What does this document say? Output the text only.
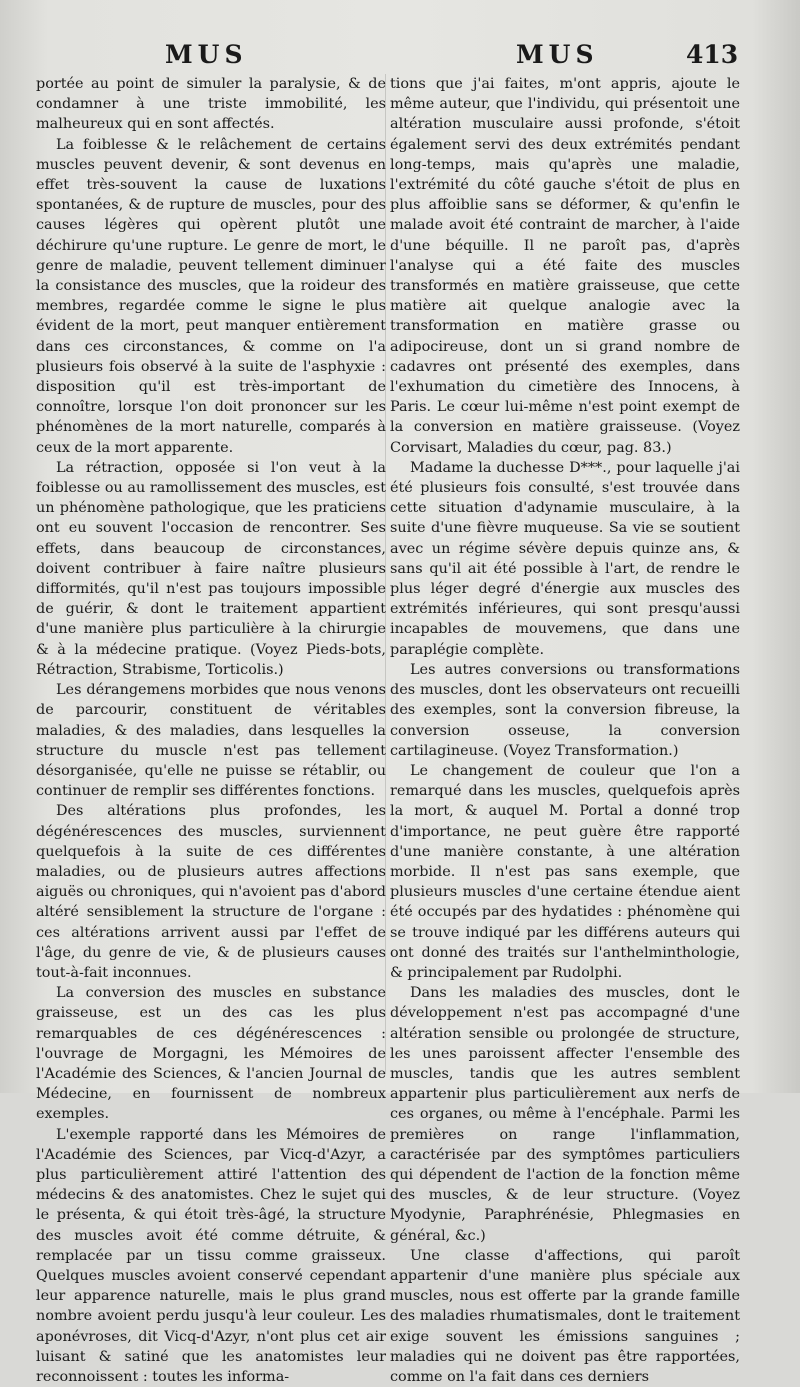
MUS	MUS	413

portée au point de simuler la paralysie, & de condamner à une triste immobilité, les malheureux qui en sont affectés.

La foiblesse & le relâchement de certains muscles peuvent devenir, & sont devenus en effet très-souvent la cause de luxations spontanées, & de rupture de muscles, pour des causes légères qui opèrent plutôt une déchirure qu'une rupture. Le genre de mort, le genre de maladie, peuvent tellement diminuer la consistance des muscles, que la roideur des membres, regardée comme le signe le plus évident de la mort, peut manquer entièrement dans ces circonstances, & comme on l'a plusieurs fois observé à la suite de l'asphyxie : disposition qu'il est très-important de connoître, lorsque l'on doit prononcer sur les phénomènes de la mort naturelle, comparés à ceux de la mort apparente.

La rétraction, opposée si l'on veut à la foiblesse ou au ramollissement des muscles, est un phénomène pathologique, que les praticiens ont eu souvent l'occasion de rencontrer. Ses effets, dans beaucoup de circonstances, doivent contribuer à faire naître plusieurs difformités, qu'il n'est pas toujours impossible de guérir, & dont le traitement appartient d'une manière plus particulière à la chirurgie & à la médecine pratique. (Voyez Pieds-bots, Rétraction, Strabisme, Torticolis.)

Les dérangemens morbides que nous venons de parcourir, constituent de véritables maladies, & des maladies, dans lesquelles la structure du muscle n'est pas tellement désorganisée, qu'elle ne puisse se rétablir, ou continuer de remplir ses différentes fonctions.

Des altérations plus profondes, les dégénérescences des muscles, surviennent quelquefois à la suite de ces différentes maladies, ou de plusieurs autres affections aiguës ou chroniques, qui n'avoient pas d'abord altéré sensiblement la structure de l'organe : ces altérations arrivent aussi par l'effet de l'âge, du genre de vie, & de plusieurs causes tout-à-fait inconnues.

La conversion des muscles en substance graisseuse, est un des cas les plus remarquables de ces dégénérescences : l'ouvrage de Morgagni, les Mémoires de l'Académie des Sciences, & l'ancien Journal de Médecine, en fournissent de nombreux exemples.

L'exemple rapporté dans les Mémoires de l'Académie des Sciences, par Vicq-d'Azyr, a plus particulièrement attiré l'attention des médecins & des anatomistes. Chez le sujet qui le présenta, & qui étoit très-âgé, la structure des muscles avoit été comme détruite, & remplacée par un tissu comme graisseux. Quelques muscles avoient conservé cependant leur apparence naturelle, mais le plus grand nombre avoient perdu jusqu'à leur couleur. Les aponévroses, dit Vicq-d'Azyr, n'ont plus cet air luisant & satiné que les anatomistes leur reconnoissent : toutes les informa-

tions que j'ai faites, m'ont appris, ajoute le même auteur, que l'individu, qui présentoit une altération musculaire aussi profonde, s'étoit également servi des deux extrémités pendant long-temps, mais qu'après une maladie, l'extrémité du côté gauche s'étoit de plus en plus affoiblie sans se déformer, & qu'enfin le malade avoit été contraint de marcher, à l'aide d'une béquille. Il ne paroît pas, d'après l'analyse qui a été faite des muscles transformés en matière graisseuse, que cette matière ait quelque analogie avec la transformation en matière grasse ou adipocireuse, dont un si grand nombre de cadavres ont présenté des exemples, dans l'exhumation du cimetière des Innocens, à Paris. Le cœur lui-même n'est point exempt de la conversion en matière graisseuse. (Voyez Corvisart, Maladies du cœur, pag. 83.)

Madame la duchesse D***., pour laquelle j'ai été plusieurs fois consulté, s'est trouvée dans cette situation d'adynamie musculaire, à la suite d'une fièvre muqueuse. Sa vie se soutient avec un régime sévère depuis quinze ans, & sans qu'il ait été possible à l'art, de rendre le plus léger degré d'énergie aux muscles des extrémités inférieures, qui sont presqu'aussi incapables de mouvemens, que dans une paraplégie complète.

Les autres conversions ou transformations des muscles, dont les observateurs ont recueilli des exemples, sont la conversion fibreuse, la conversion osseuse, la conversion cartilagineuse. (Voyez Transformation.)

Le changement de couleur que l'on a remarqué dans les muscles, quelquefois après la mort, & auquel M. Portal a donné trop d'importance, ne peut guère être rapporté d'une manière constante, à une altération morbide. Il n'est pas sans exemple, que plusieurs muscles d'une certaine étendue aient été occupés par des hydatides : phénomène qui se trouve indiqué par les différens auteurs qui ont donné des traités sur l'anthelminthologie, & principalement par Rudolphi.

Dans les maladies des muscles, dont le développement n'est pas accompagné d'une altération sensible ou prolongée de structure, les unes paroissent affecter l'ensemble des muscles, tandis que les autres semblent appartenir plus particulièrement aux nerfs de ces organes, ou même à l'encéphale. Parmi les premières on range l'inflammation, caractérisée par des symptômes particuliers qui dépendent de l'action de la fonction même des muscles, & de leur structure. (Voyez Myodynie, Paraphrénésie, Phlegmasies en général, &c.)

Une classe d'affections, qui paroît appartenir d'une manière plus spéciale aux muscles, nous est offerte par la grande famille des maladies rhumatismales, dont le traitement exige souvent les émissions sanguines ; maladies qui ne doivent pas être rapportées, comme on l'a fait dans ces derniers
